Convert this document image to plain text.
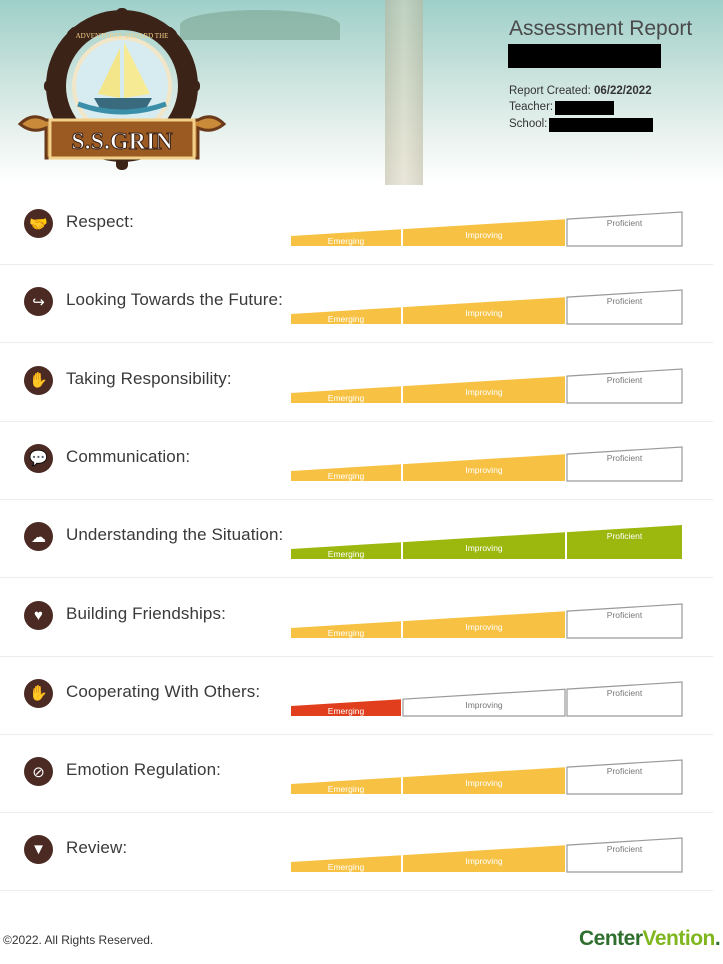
S.S.GRIN
ADVENTURES ABOARD THE	Assessment Report
Report Created: 06/22/2022
Teacher:
School:
🤝	Respect:
Emerging
Improving
Proficient
↪	Looking Towards the Future:
Emerging
Improving
Proficient
✋	Taking Responsibility:
Emerging
Improving
Proficient
💬	Communication:
Emerging
Improving
Proficient
☁	Understanding the Situation:
Emerging
Improving
Proficient
♥	Building Friendships:
Emerging
Improving
Proficient
✋	Cooperating With Others:
Emerging
Improving
Proficient
⊘	Emotion Regulation:
Emerging
Improving
Proficient
▼	Review:
Emerging
Improving
Proficient
©2022. All Rights Reserved.	CenterVention.
